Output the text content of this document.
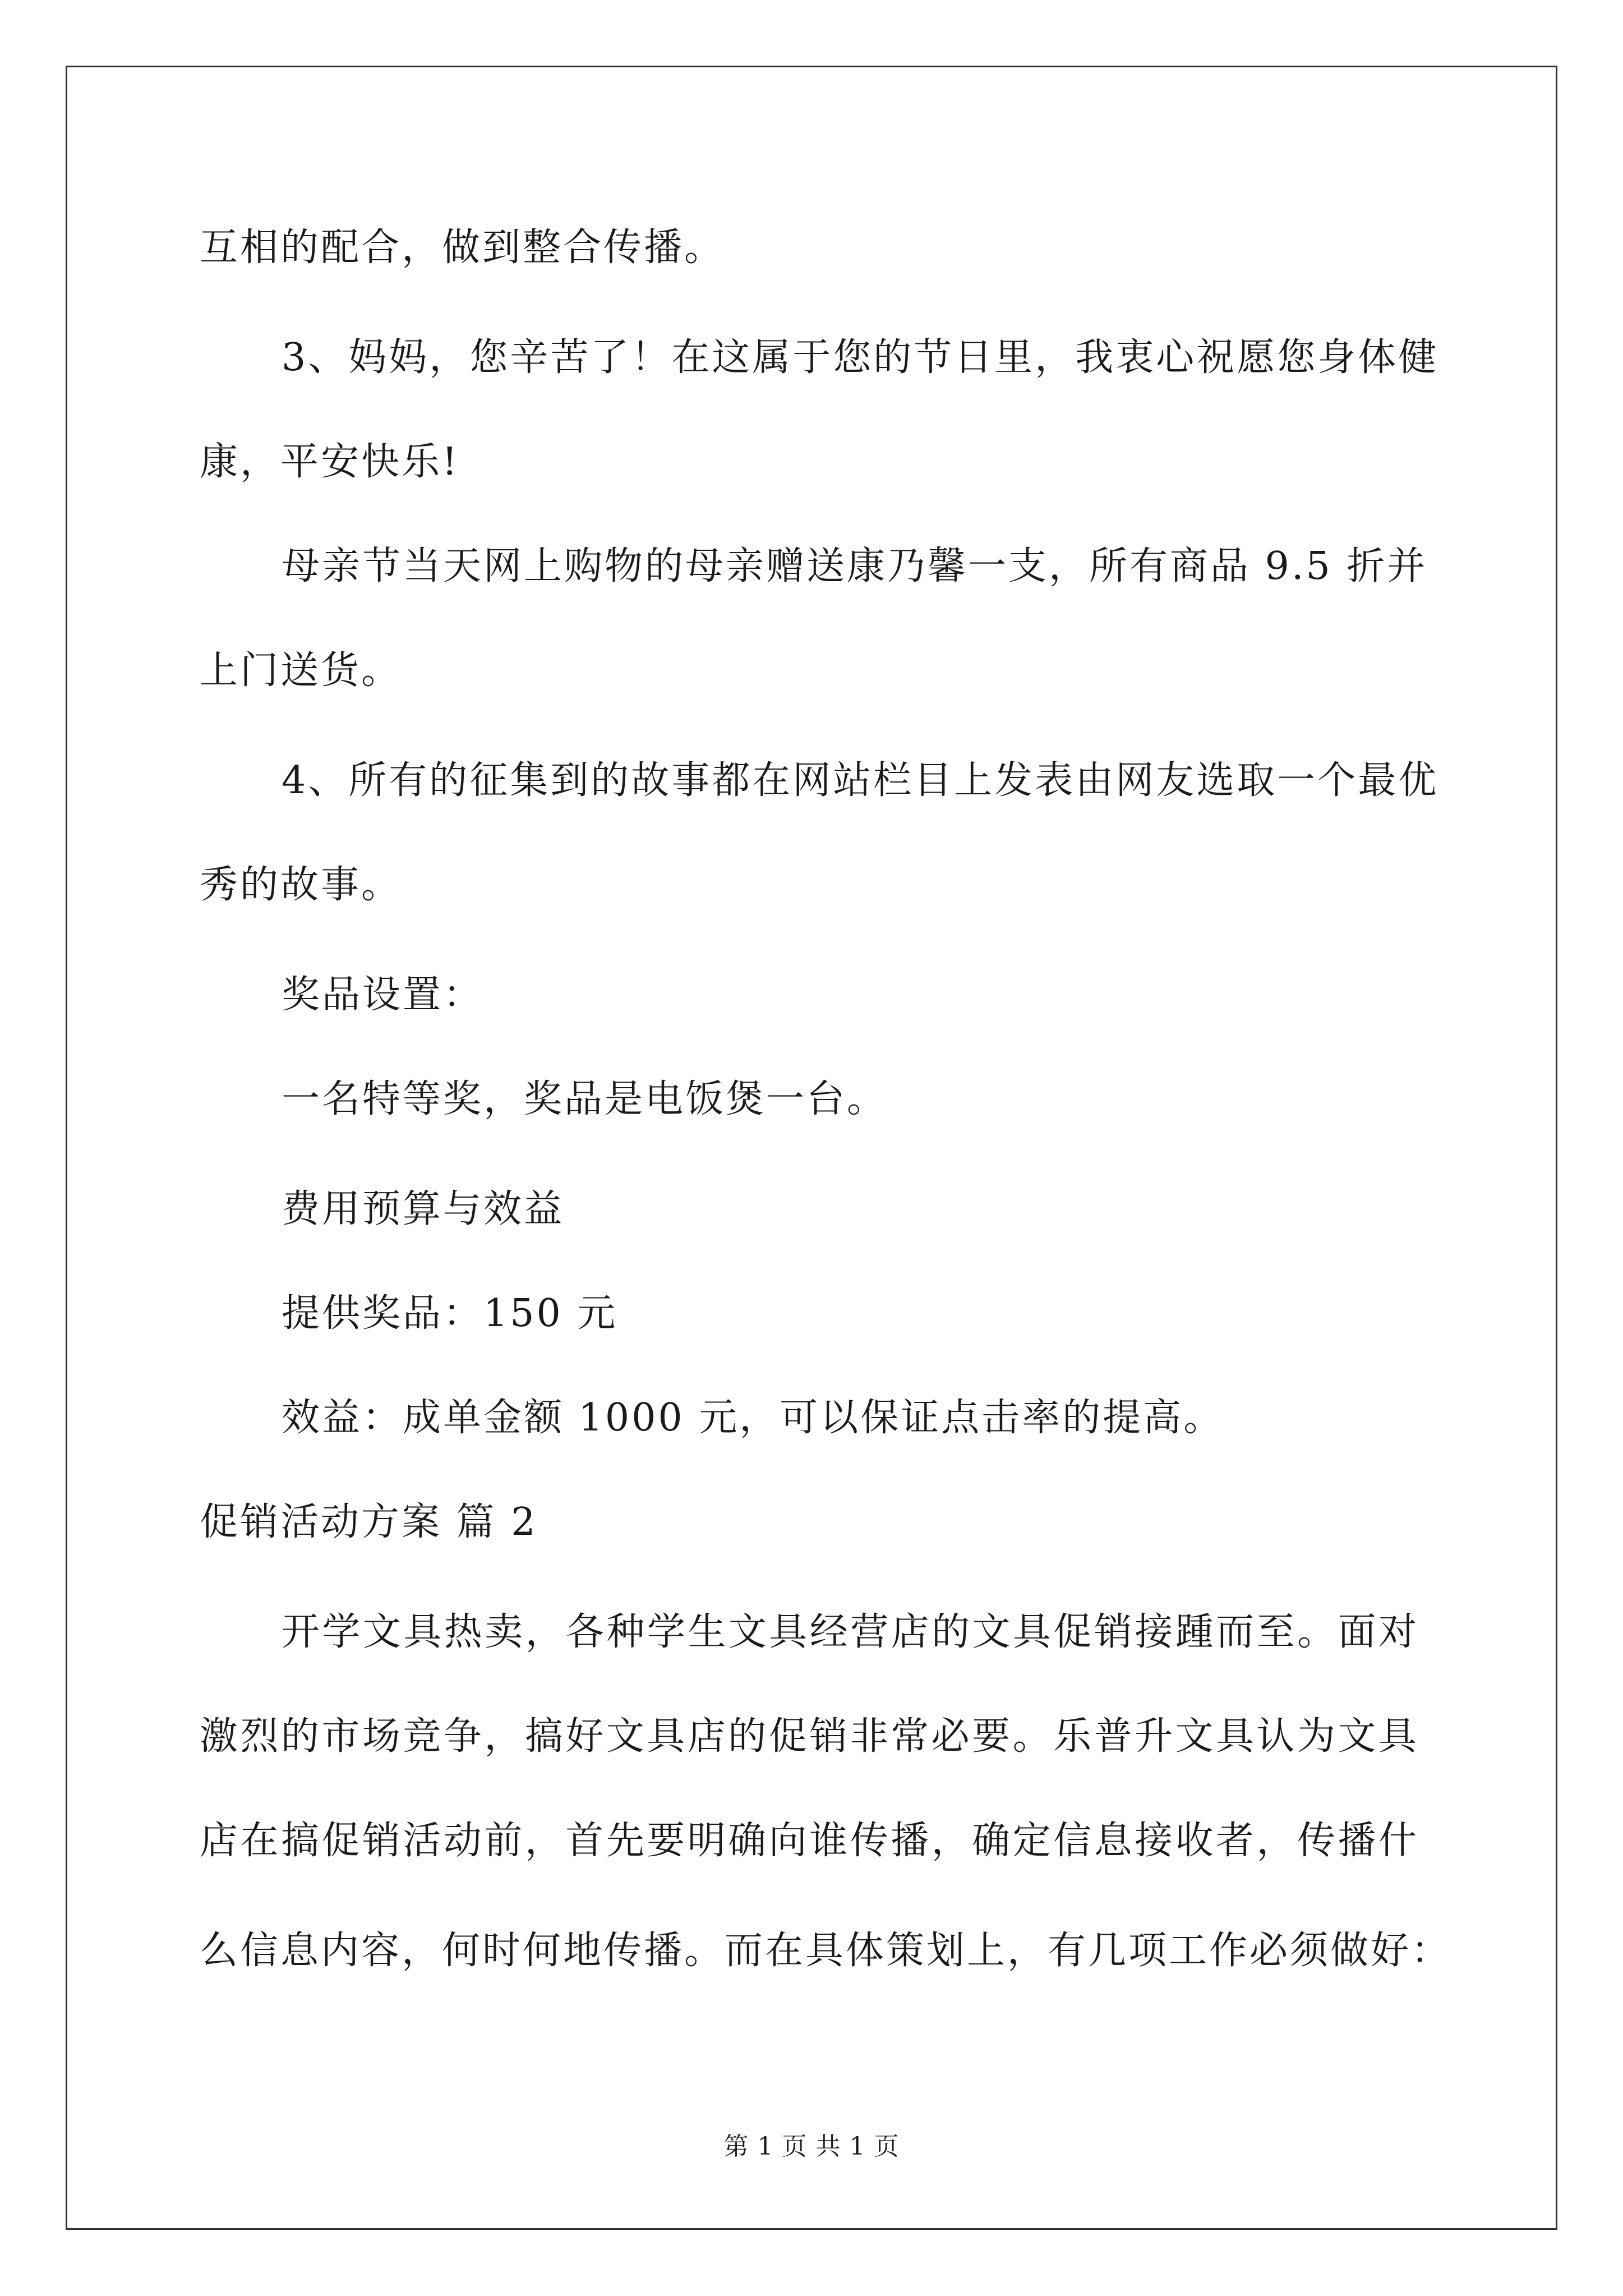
互相的配合，做到整合传播。
3、妈妈，您辛苦了！在这属于您的节日里，我衷心祝愿您身体健
康，平安快乐!
母亲节当天网上购物的母亲赠送康乃馨一支，所有商品 9.5 折并
上门送货。
4、所有的征集到的故事都在网站栏目上发表由网友选取一个最优
秀的故事。
奖品设置：
一名特等奖，奖品是电饭煲一台。
费用预算与效益
提供奖品：150 元
效益：成单金额 1000 元，可以保证点击率的提高。
促销活动方案 篇 2
开学文具热卖，各种学生文具经营店的文具促销接踵而至。面对
激烈的市场竞争，搞好文具店的促销非常必要。乐普升文具认为文具
店在搞促销活动前，首先要明确向谁传播，确定信息接收者，传播什
么信息内容，何时何地传播。而在具体策划上，有几项工作必须做好：
第 1 页 共 1 页
